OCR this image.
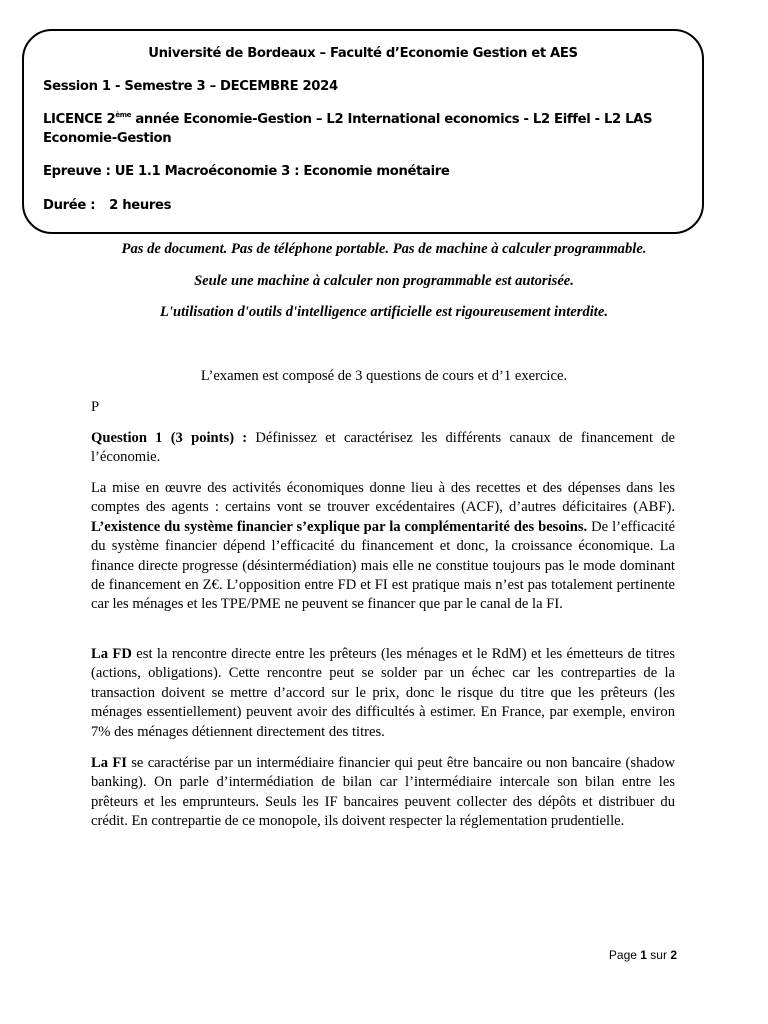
Université de Bordeaux – Faculté d’Economie Gestion et AES
Session 1 - Semestre 3 – DECEMBRE 2024
LICENCE 2ème année Economie-Gestion – L2 International economics - L2 Eiffel - L2 LAS Economie-Gestion
Epreuve : UE 1.1 Macroéconomie 3 : Economie monétaire
Durée : 2 heures
Pas de document. Pas de téléphone portable. Pas de machine à calculer programmable.
Seule une machine à calculer non programmable est autorisée.
L'utilisation d'outils d'intelligence artificielle est rigoureusement interdite.
L’examen est composé de 3 questions de cours et d’1 exercice.
P
Question 1 (3 points) : Définissez et caractérisez les différents canaux de financement de l’économie.
La mise en œuvre des activités économiques donne lieu à des recettes et des dépenses dans les comptes des agents : certains vont se trouver excédentaires (ACF), d’autres déficitaires (ABF). L’existence du système financier s’explique par la complémentarité des besoins. De l’efficacité du système financier dépend l’efficacité du financement et donc, la croissance économique. La finance directe progresse (désintermédiation) mais elle ne constitue toujours pas le mode dominant de financement en Z€. L’opposition entre FD et FI est pratique mais n’est pas totalement pertinente car les ménages et les TPE/PME ne peuvent se financer que par le canal de la FI.
La FD est la rencontre directe entre les prêteurs (les ménages et le RdM) et les émetteurs de titres (actions, obligations). Cette rencontre peut se solder par un échec car les contreparties de la transaction doivent se mettre d’accord sur le prix, donc le risque du titre que les prêteurs (les ménages essentiellement) peuvent avoir des difficultés à estimer. En France, par exemple, environ 7% des ménages détiennent directement des titres.
La FI se caractérise par un intermédiaire financier qui peut être bancaire ou non bancaire (shadow banking). On parle d’intermédiation de bilan car l’intermédiaire intercale son bilan entre les prêteurs et les emprunteurs. Seuls les IF bancaires peuvent collecter des dépôts et distribuer du crédit. En contrepartie de ce monopole, ils doivent respecter la réglementation prudentielle.
Page 1 sur 2
